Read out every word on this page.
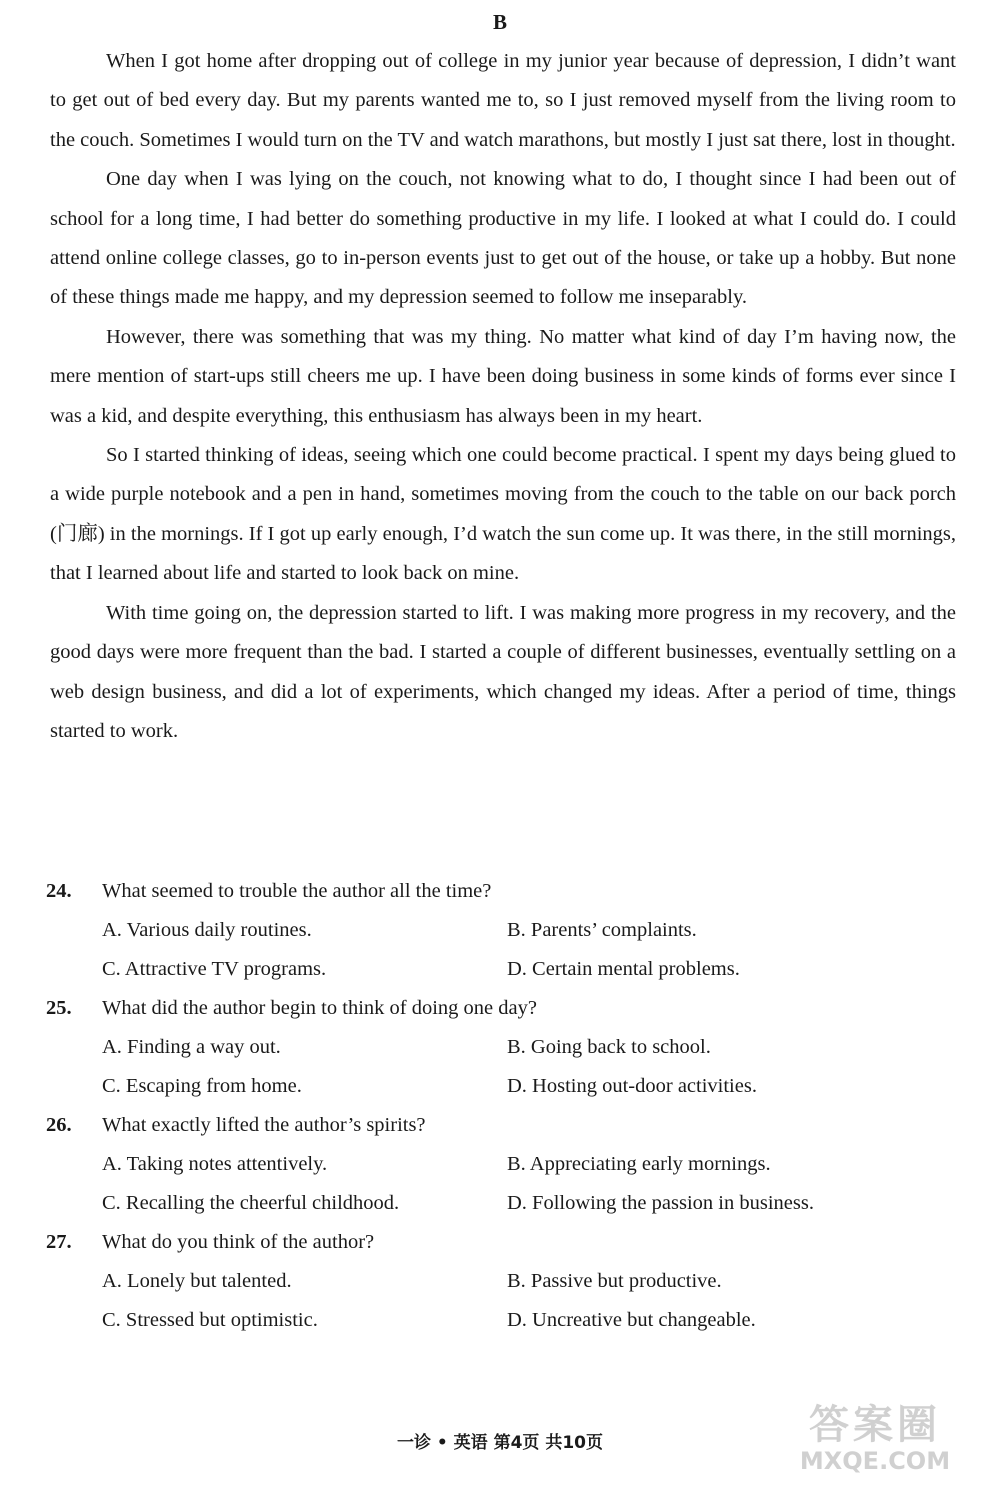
B

When I got home after dropping out of college in my junior year because of depression, I didn’t want to get out of bed every day. But my parents wanted me to, so I just removed myself from the living room to the couch. Sometimes I would turn on the TV and watch marathons, but mostly I just sat there, lost in thought.

One day when I was lying on the couch, not knowing what to do, I thought since I had been out of school for a long time, I had better do something productive in my life. I looked at what I could do. I could attend online college classes, go to in-person events just to get out of the house, or take up a hobby. But none of these things made me happy, and my depression seemed to follow me inseparably.

However, there was something that was my thing. No matter what kind of day I’m having now, the mere mention of start-ups still cheers me up. I have been doing business in some kinds of forms ever since I was a kid, and despite everything, this enthusiasm has always been in my heart.

So I started thinking of ideas, seeing which one could become practical. I spent my days being glued to a wide purple notebook and a pen in hand, sometimes moving from the couch to the table on our back porch (门廊) in the mornings. If I got up early enough, I’d watch the sun come up. It was there, in the still mornings, that I learned about life and started to look back on mine.

With time going on, the depression started to lift. I was making more progress in my recovery, and the good days were more frequent than the bad. I started a couple of different businesses, eventually settling on a web design business, and did a lot of experiments, which changed my ideas. After a period of time, things started to work.

24. What seemed to trouble the author all the time?
A. Various daily routines.	B. Parents’ complaints.
C. Attractive TV programs.	D. Certain mental problems.
25. What did the author begin to think of doing one day?
A. Finding a way out.	B. Going back to school.
C. Escaping from home.	D. Hosting out-door activities.
26. What exactly lifted the author’s spirits?
A. Taking notes attentively.	B. Appreciating early mornings.
C. Recalling the cheerful childhood.	D. Following the passion in business.
27. What do you think of the author?
A. Lonely but talented.	B. Passive but productive.
C. Stressed but optimistic.	D. Uncreative but changeable.
一诊 • 英语 第4页 共10页	答案圈
MXQE.COM
